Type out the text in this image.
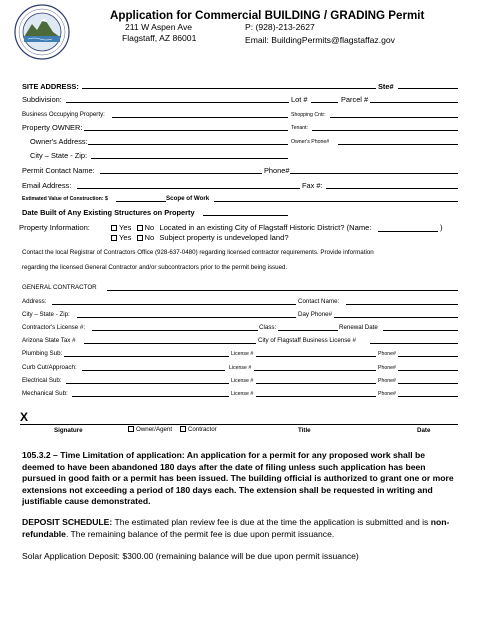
Application for Commercial BUILDING / GRADING Permit
211 W Aspen Ave
Flagstaff, AZ 86001
P: (928)-213-2627
Email: BuildingPermits@flagstaffaz.gov
SITE ADDRESS:	Ste#
Subdivision:	Lot #	Parcel #
Business Occupying Property:	Shopping Cntr:
Property OWNER:	Tenant:
Owner's Address:	Owner's Phone#
City – State - Zip:
Permit Contact Name:	Phone#
Email Address:	Fax #:
Estimated Value of Construction: $	Scope of Work
Date Built of Any Existing Structures on Property
Property Information:	Yes No Located in an existing City of Flagstaff Historic District? (Name:	)
Yes No Subject property is undeveloped land?
Contact the local Registrar of Contractors Office (928-637-0480) regarding licensed contractor requirements. Provide information
regarding the licensed General Contractor and/or subcontractors prior to the permit being issued.
GENERAL CONTRACTOR
Address:	Contact Name:
City – State - Zip:	Day Phone#
Contractor's License #:	Class:	Renewal Date
Arizona State Tax #	City of Flagstaff Business License #
Plumbing Sub:	License #	Phone#
Curb Cut/Approach:	License #	Phone#
Electrical Sub:	License #	Phone#
Mechanical Sub:	License #	Phone#
X
Signature	Owner/Agent	Contractor	Title	Date
105.3.2 – Time Limitation of application: An application for a permit for any proposed work shall be deemed to have been abandoned 180 days after the date of filing unless such application has been pursued in good faith or a permit has been issued. The building official is authorized to grant one or more extensions not exceeding a period of 180 days each. The extension shall be requested in writing and justifiable cause demonstrated.
DEPOSIT SCHEDULE: The estimated plan review fee is due at the time the application is submitted and is non-refundable. The remaining balance of the permit fee is due upon permit issuance.
Solar Application Deposit: $300.00 (remaining balance will be due upon permit issuance)
